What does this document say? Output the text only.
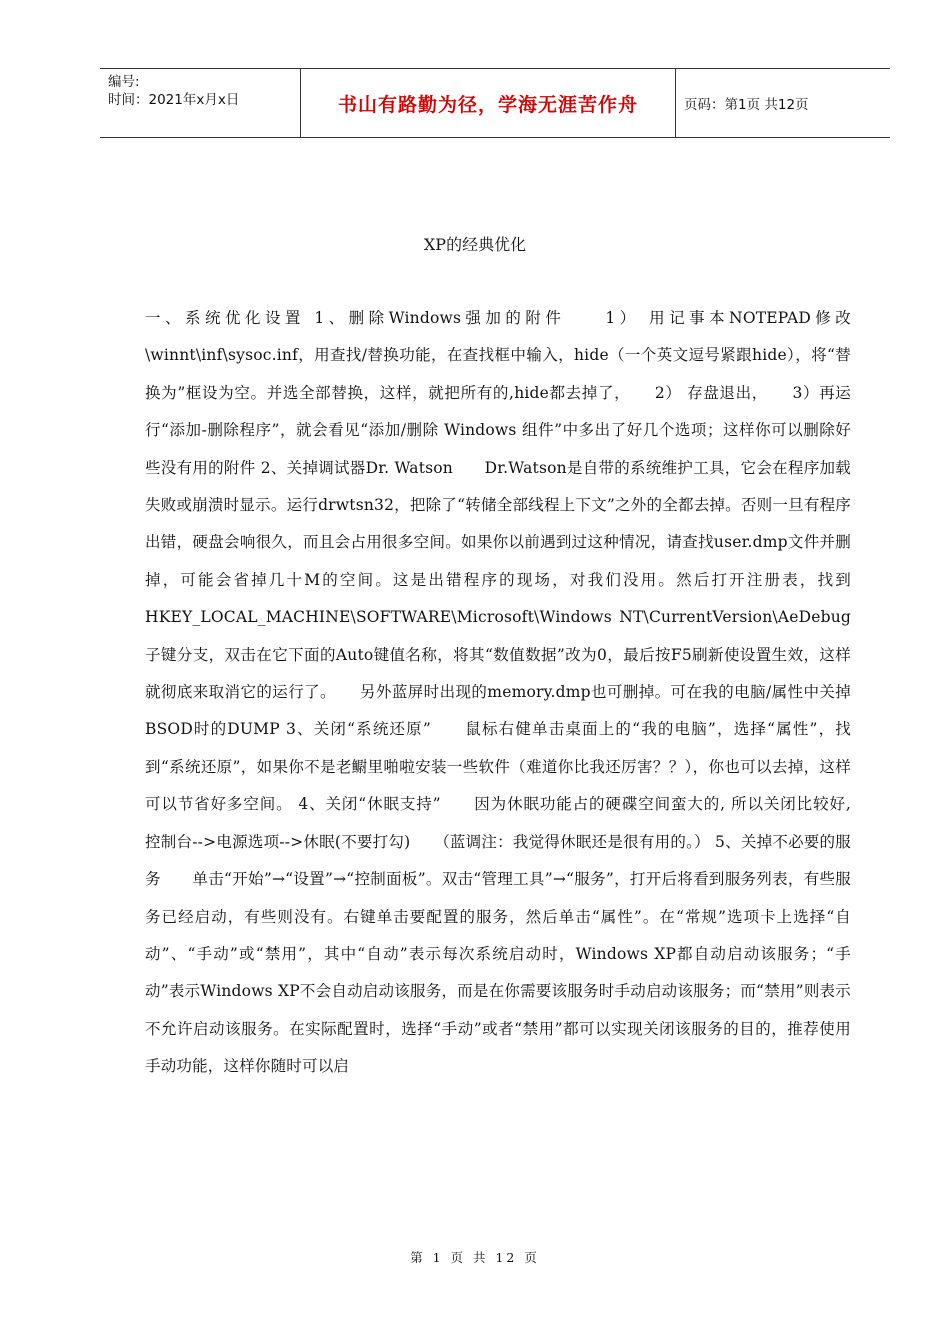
编号:
时间：2021年x月x日	书山有路勤为径，学海无涯苦作舟	页码：第1页 共12页
XP的经典优化
一、系统优化设置 1、删除Windows强加的附件　　1） 用记事本NOTEPAD修改\winnt\inf\sysoc.inf，用查找/替换功能，在查找框中输入，hide（一个英文逗号紧跟hide），将“替换为”框设为空。并选全部替换，这样，就把所有的,hide都去掉了，　　2） 存盘退出，　　3）再运行“添加-删除程序”，就会看见“添加/删除 Windows 组件”中多出了好几个选项；这样你可以删除好些没有用的附件 2、关掉调试器Dr. Watson　　Dr.Watson是自带的系统维护工具，它会在程序加载失败或崩溃时显示。运行drwtsn32，把除了“转储全部线程上下文”之外的全都去掉。否则一旦有程序出错，硬盘会响很久，而且会占用很多空间。如果你以前遇到过这种情况，请查找user.dmp文件并删掉，可能会省掉几十M的空间。这是出错程序的现场，对我们没用。然后打开注册表，找到HKEY_LOCAL_MACHINE\SOFTWARE\Microsoft\Windows NT\CurrentVersion\AeDebug子键分支，双击在它下面的Auto键值名称，将其“数值数据”改为0，最后按F5刷新使设置生效，这样就彻底来取消它的运行了。　　另外蓝屏时出现的memory.dmp也可删掉。可在我的电脑/属性中关掉BSOD时的DUMP 3、关闭“系统还原”　　鼠标右健单击桌面上的“我的电脑”，选择“属性”，找到“系统还原”，如果你不是老鳚里啪啦安装一些软件（难道你比我还厉害？？），你也可以去掉，这样可以节省好多空间。 4、关闭“休眠支持”　　因为休眠功能占的硬碟空间蛮大的, 所以关闭比较好,　　控制台-->电源选项-->休眠(不要打勾)　　（蓝调注：我觉得休眠还是很有用的。） 5、关掉不必要的服务　　单击“开始”→“设置”→“控制面板”。双击“管理工具”→“服务”，打开后将看到服务列表，有些服务已经启动，有些则没有。右键单击要配置的服务，然后单击“属性”。在“常规”选项卡上选择“自动”、“手动”或“禁用”，其中“自动”表示每次系统启动时，Windows XP都自动启动该服务；“手动”表示Windows XP不会自动启动该服务，而是在你需要该服务时手动启动该服务；而“禁用”则表示不允许启动该服务。在实际配置时，选择“手动”或者“禁用”都可以实现关闭该服务的目的，推荐使用手动功能，这样你随时可以启
第 1 页 共 12 页
